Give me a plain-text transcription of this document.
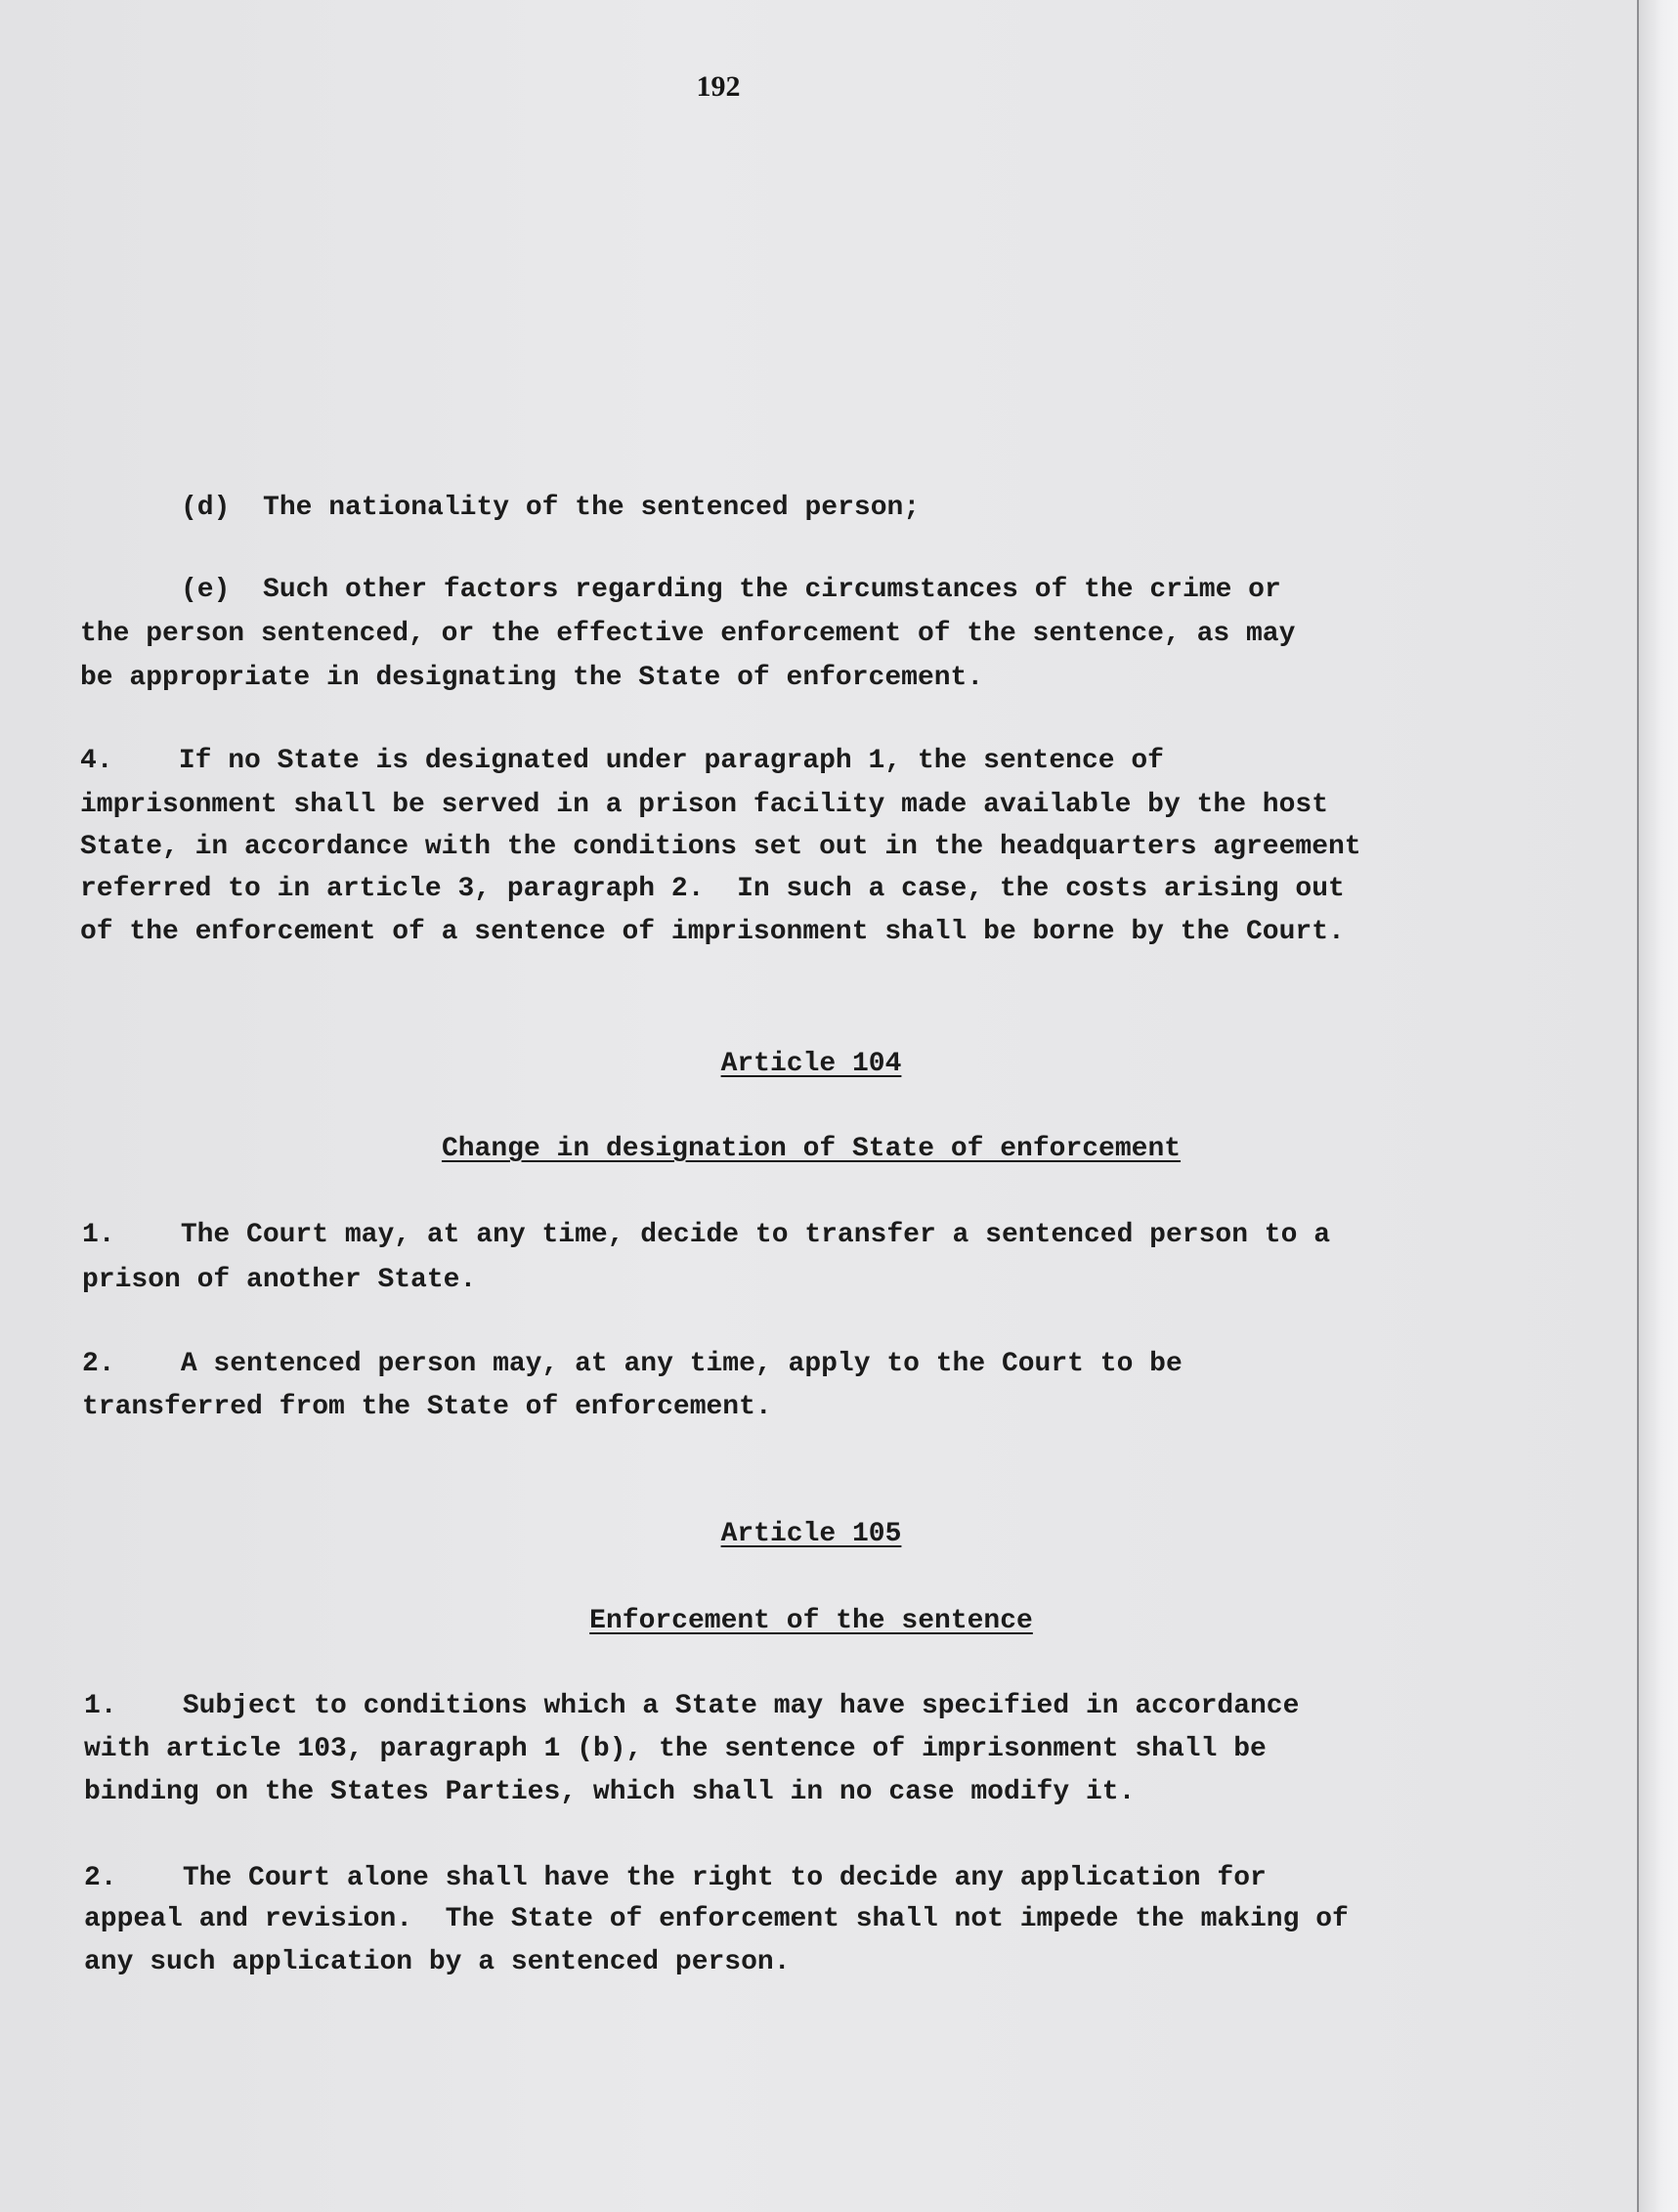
192

(d)  The nationality of the sentenced person;

(e)  Such other factors regarding the circumstances of the crime or

the person sentenced, or the effective enforcement of the sentence, as may

be appropriate in designating the State of enforcement.

4.    If no State is designated under paragraph 1, the sentence of

imprisonment shall be served in a prison facility made available by the host

State, in accordance with the conditions set out in the headquarters agreement

referred to in article 3, paragraph 2.  In such a case, the costs arising out

of the enforcement of a sentence of imprisonment shall be borne by the Court.

Article 104

Change in designation of State of enforcement

1.    The Court may, at any time, decide to transfer a sentenced person to a

prison of another State.

2.    A sentenced person may, at any time, apply to the Court to be

transferred from the State of enforcement.

Article 105

Enforcement of the sentence

1.    Subject to conditions which a State may have specified in accordance

with article 103, paragraph 1 (b), the sentence of imprisonment shall be

binding on the States Parties, which shall in no case modify it.

2.    The Court alone shall have the right to decide any application for

appeal and revision.  The State of enforcement shall not impede the making of

any such application by a sentenced person.
